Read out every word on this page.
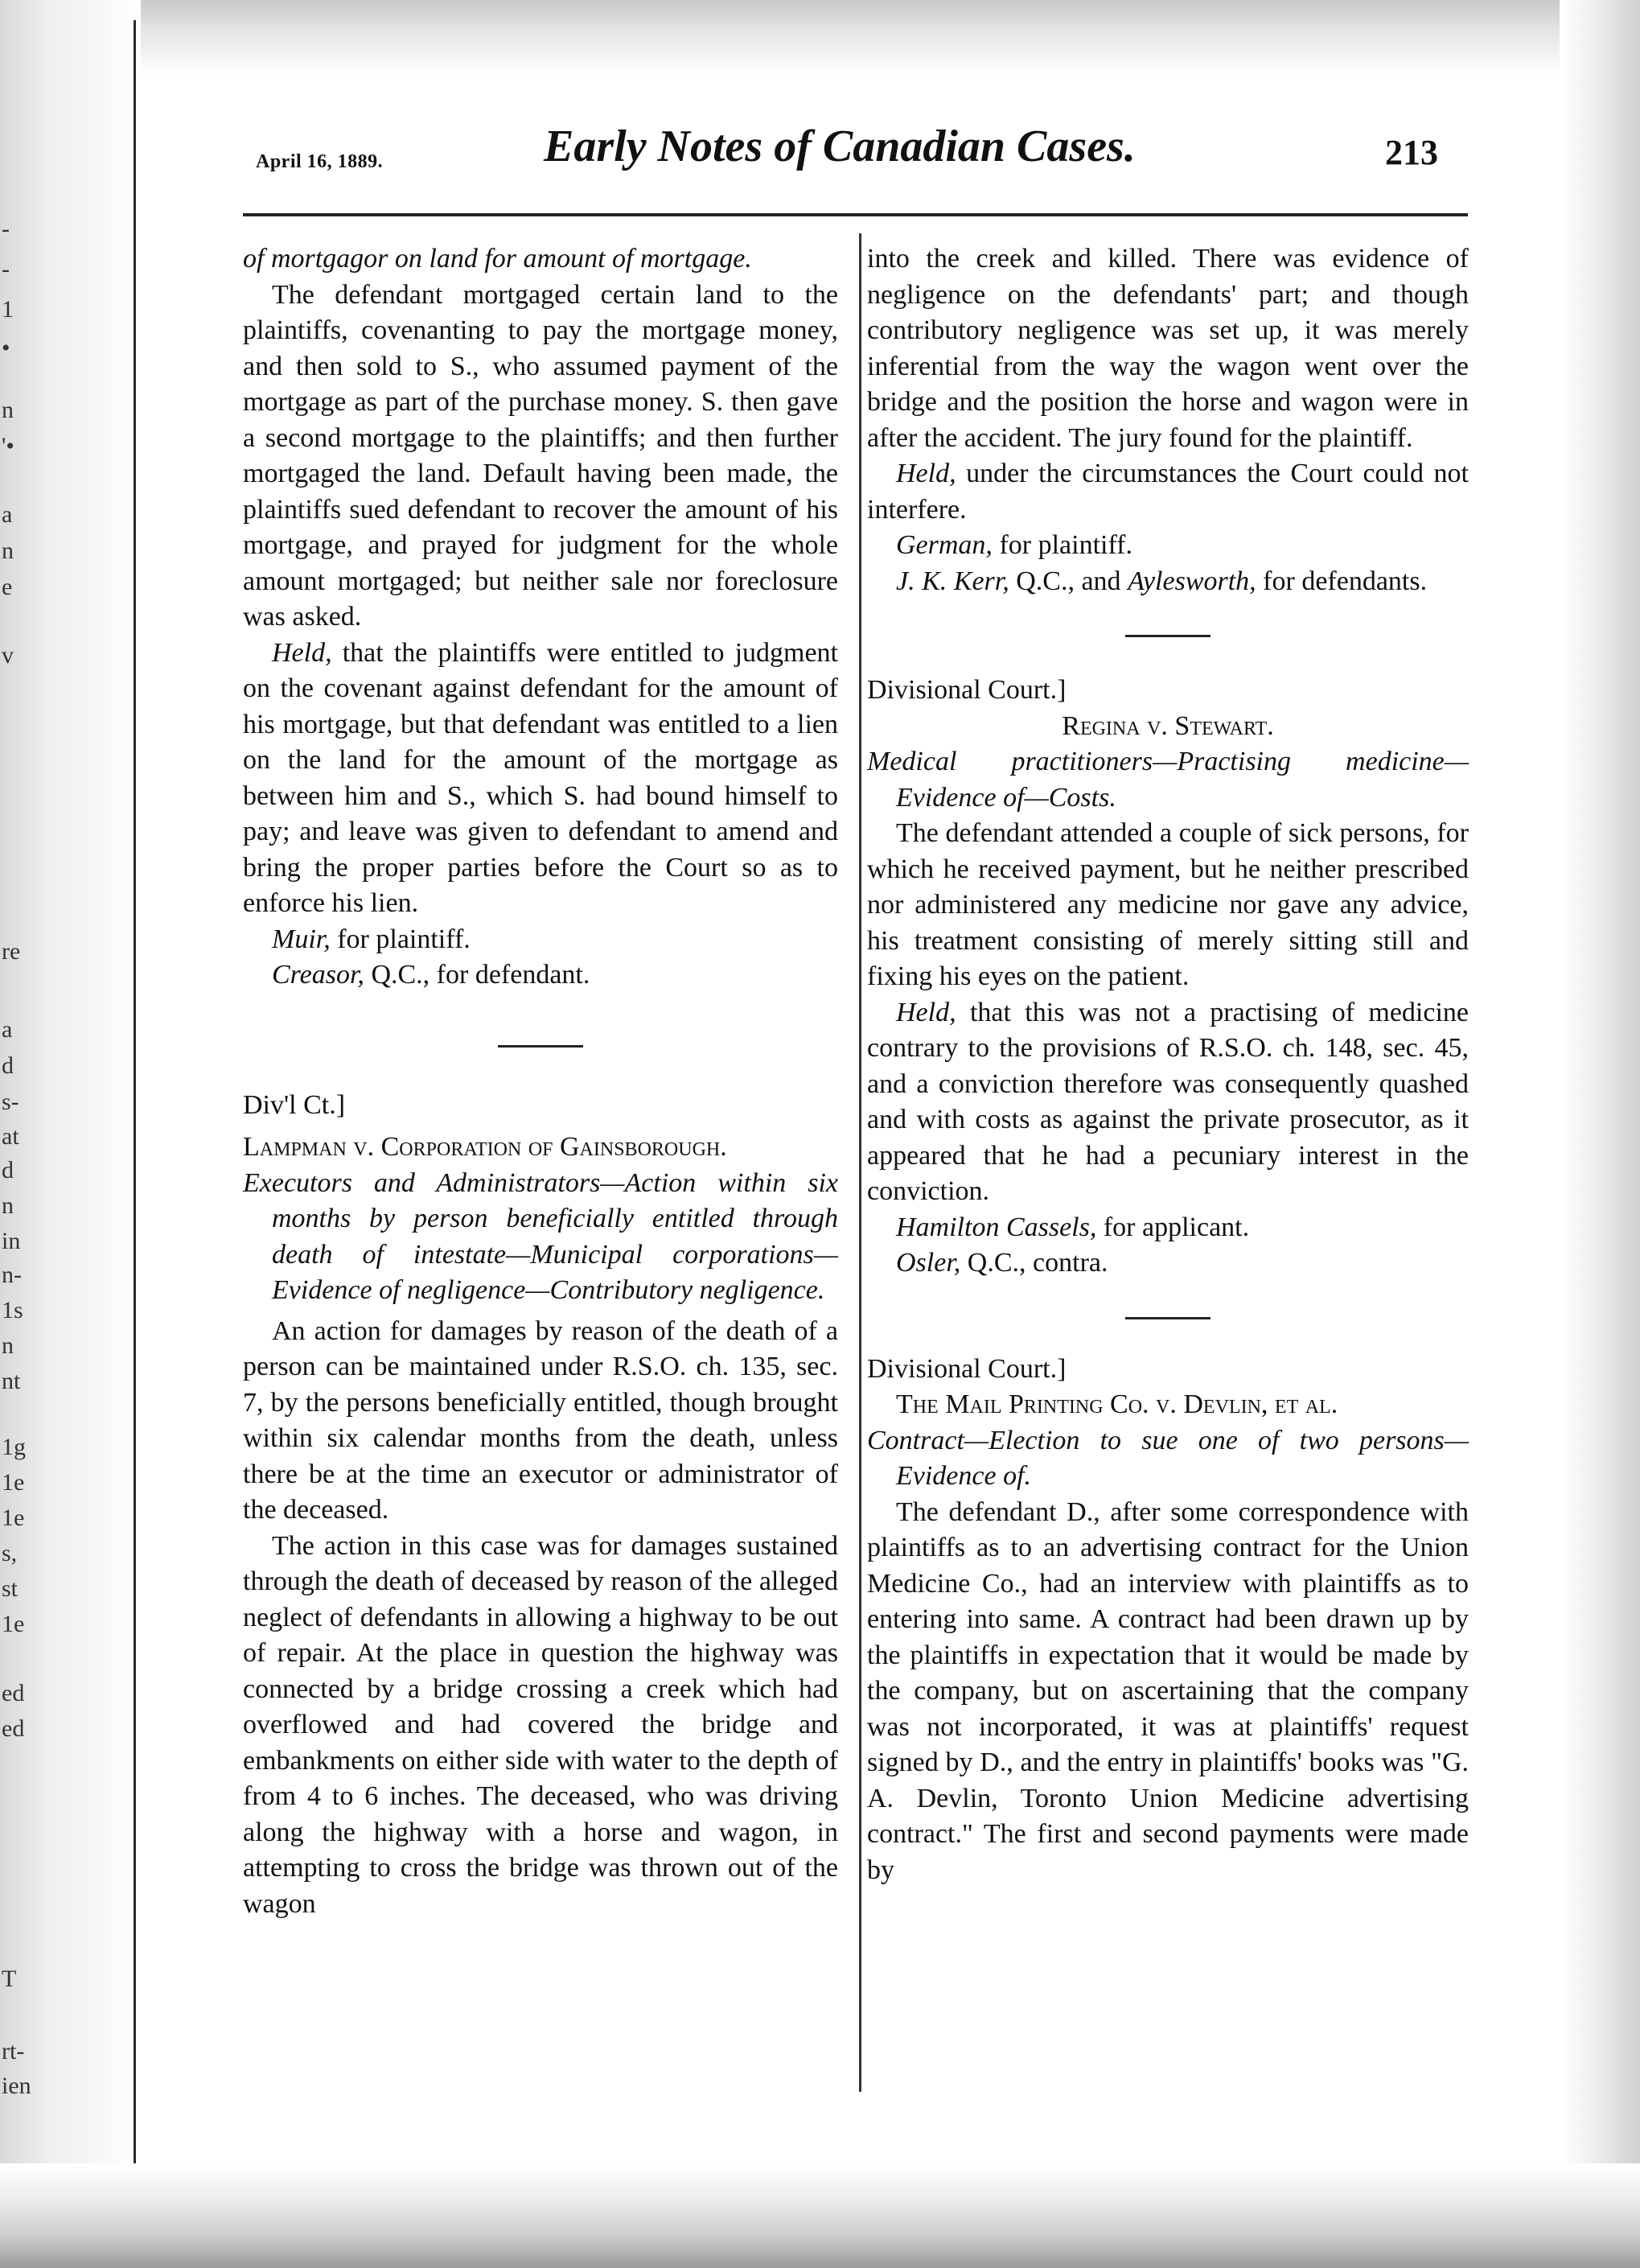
-
-
1
•
n
'•
a
n
e
v
re
a
d
s-
at
d
n
in
n-
1s
n
nt
1g
1e
1e
s,
st
1e
ed
ed
T
rt-
ien
April 16, 1889.	Early Notes of Canadian Cases.	213

of mortgagor on land for amount of mortgage.

The defendant mortgaged certain land to the plaintiffs, covenanting to pay the mortgage money, and then sold to S., who assumed payment of the mortgage as part of the purchase money. S. then gave a second mortgage to the plaintiffs; and then further mortgaged the land. Default having been made, the plaintiffs sued defendant to recover the amount of his mortgage, and prayed for judgment for the whole amount mortgaged; but neither sale nor foreclosure was asked.

Held, that the plaintiffs were entitled to judgment on the covenant against defendant for the amount of his mortgage, but that defendant was entitled to a lien on the land for the amount of the mortgage as between him and S., which S. had bound himself to pay; and leave was given to defendant to amend and bring the proper parties before the Court so as to enforce his lien.

Muir, for plaintiff.

Creasor, Q.C., for defendant.

Div'l Ct.]

Lampman v. Corporation of Gainsborough.

Executors and Administrators—Action within six months by person beneficially entitled through death of intestate—Municipal corporations—Evidence of negligence—Contributory negligence.

An action for damages by reason of the death of a person can be maintained under R.S.O. ch. 135, sec. 7, by the persons beneficially entitled, though brought within six calendar months from the death, unless there be at the time an executor or administrator of the deceased.

The action in this case was for damages sustained through the death of deceased by reason of the alleged neglect of defendants in allowing a highway to be out of repair. At the place in question the highway was connected by a bridge crossing a creek which had overflowed and had covered the bridge and embankments on either side with water to the depth of from 4 to 6 inches. The deceased, who was driving along the highway with a horse and wagon, in attempting to cross the bridge was thrown out of the wagon

into the creek and killed. There was evidence of negligence on the defendants' part; and though contributory negligence was set up, it was merely inferential from the way the wagon went over the bridge and the position the horse and wagon were in after the accident. The jury found for the plaintiff.

Held, under the circumstances the Court could not interfere.

German, for plaintiff.

J. K. Kerr, Q.C., and Aylesworth, for defendants.

Divisional Court.]

Regina v. Stewart.

Medical practitioners—Practising medicine—Evidence of—Costs.

The defendant attended a couple of sick persons, for which he received payment, but he neither prescribed nor administered any medicine nor gave any advice, his treatment consisting of merely sitting still and fixing his eyes on the patient.

Held, that this was not a practising of medicine contrary to the provisions of R.S.O. ch. 148, sec. 45, and a conviction therefore was consequently quashed and with costs as against the private prosecutor, as it appeared that he had a pecuniary interest in the conviction.

Hamilton Cassels, for applicant.

Osler, Q.C., contra.

Divisional Court.]

The Mail Printing Co. v. Devlin, et al.

Contract—Election to sue one of two persons—Evidence of.

The defendant D., after some correspondence with plaintiffs as to an advertising contract for the Union Medicine Co., had an interview with plaintiffs as to entering into same. A contract had been drawn up by the plaintiffs in expectation that it would be made by the company, but on ascertaining that the company was not incorporated, it was at plaintiffs' request signed by D., and the entry in plaintiffs' books was "G. A. Devlin, Toronto Union Medicine advertising contract." The first and second payments were made by
